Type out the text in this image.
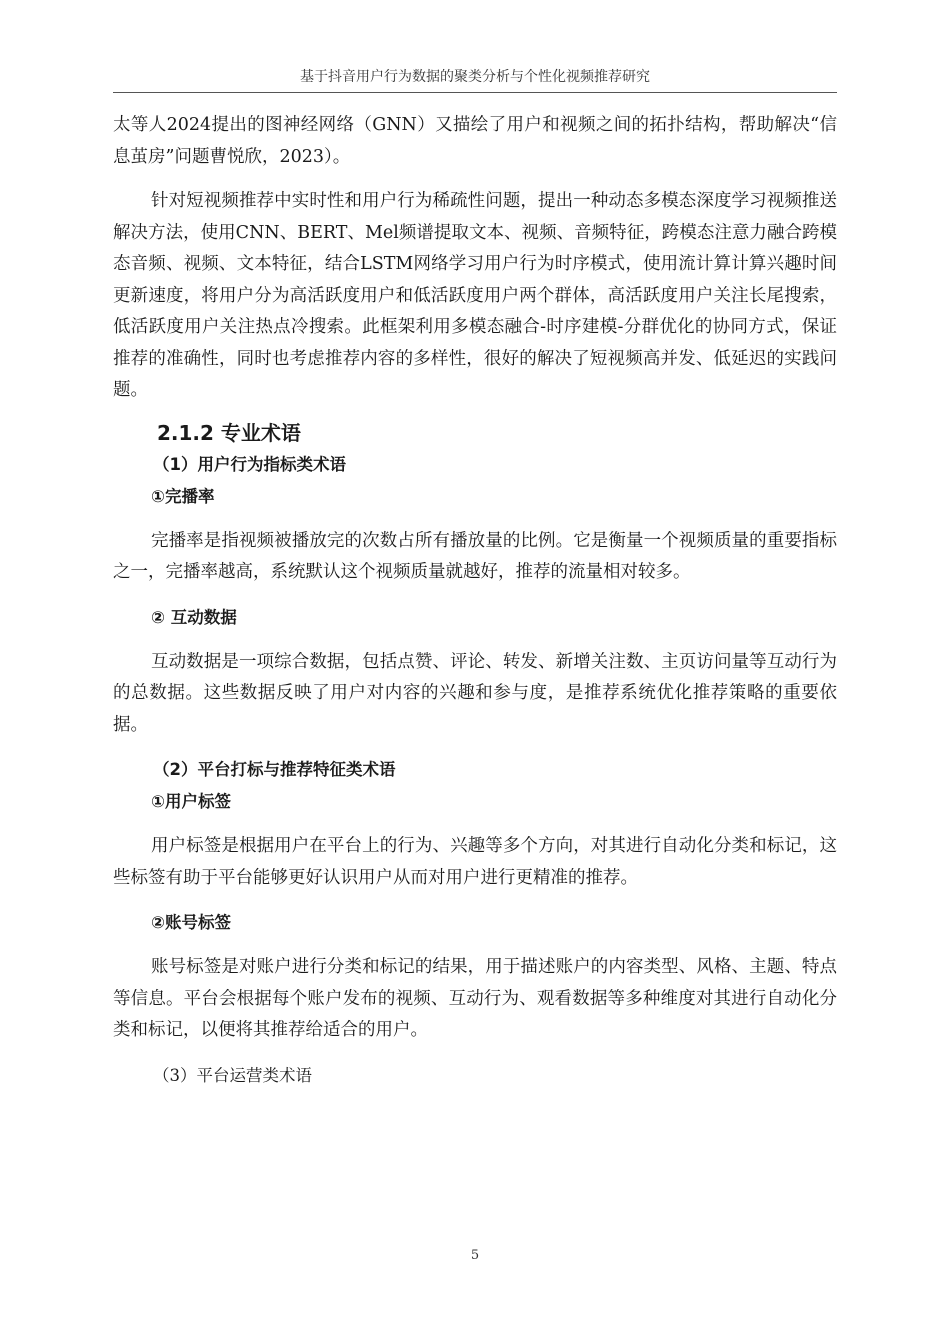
基于抖音用户行为数据的聚类分析与个性化视频推荐研究

太等人2024提出的图神经网络（GNN）又描绘了用户和视频之间的拓扑结构，帮助解决“信息茧房”问题曹悦欣，2023）。

针对短视频推荐中实时性和用户行为稀疏性问题，提出一种动态多模态深度学习视频推送解决方法，使用CNN、BERT、Mel频谱提取文本、视频、音频特征，跨模态注意力融合跨模态音频、视频、文本特征，结合LSTM网络学习用户行为时序模式，使用流计算计算兴趣时间更新速度，将用户分为高活跃度用户和低活跃度用户两个群体，高活跃度用户关注长尾搜索，低活跃度用户关注热点冷搜索。此框架利用多模态融合-时序建模-分群优化的协同方式，保证推荐的准确性，同时也考虑推荐内容的多样性，很好的解决了短视频高并发、低延迟的实践问题。

2.1.2 专业术语
（1）用户行为指标类术语
①完播率

完播率是指视频被播放完的次数占所有播放量的比例。它是衡量一个视频质量的重要指标之一，完播率越高，系统默认这个视频质量就越好，推荐的流量相对较多。

② 互动数据

互动数据是一项综合数据，包括点赞、评论、转发、新增关注数、主页访问量等互动行为的总数据。这些数据反映了用户对内容的兴趣和参与度，是推荐系统优化推荐策略的重要依据。

（2）平台打标与推荐特征类术语
①用户标签

用户标签是根据用户在平台上的行为、兴趣等多个方向，对其进行自动化分类和标记，这些标签有助于平台能够更好认识用户从而对用户进行更精准的推荐。

②账号标签

账号标签是对账户进行分类和标记的结果，用于描述账户的内容类型、风格、主题、特点等信息。平台会根据每个账户发布的视频、互动行为、观看数据等多种维度对其进行自动化分类和标记，以便将其推荐给适合的用户。

（3）平台运营类术语
5
